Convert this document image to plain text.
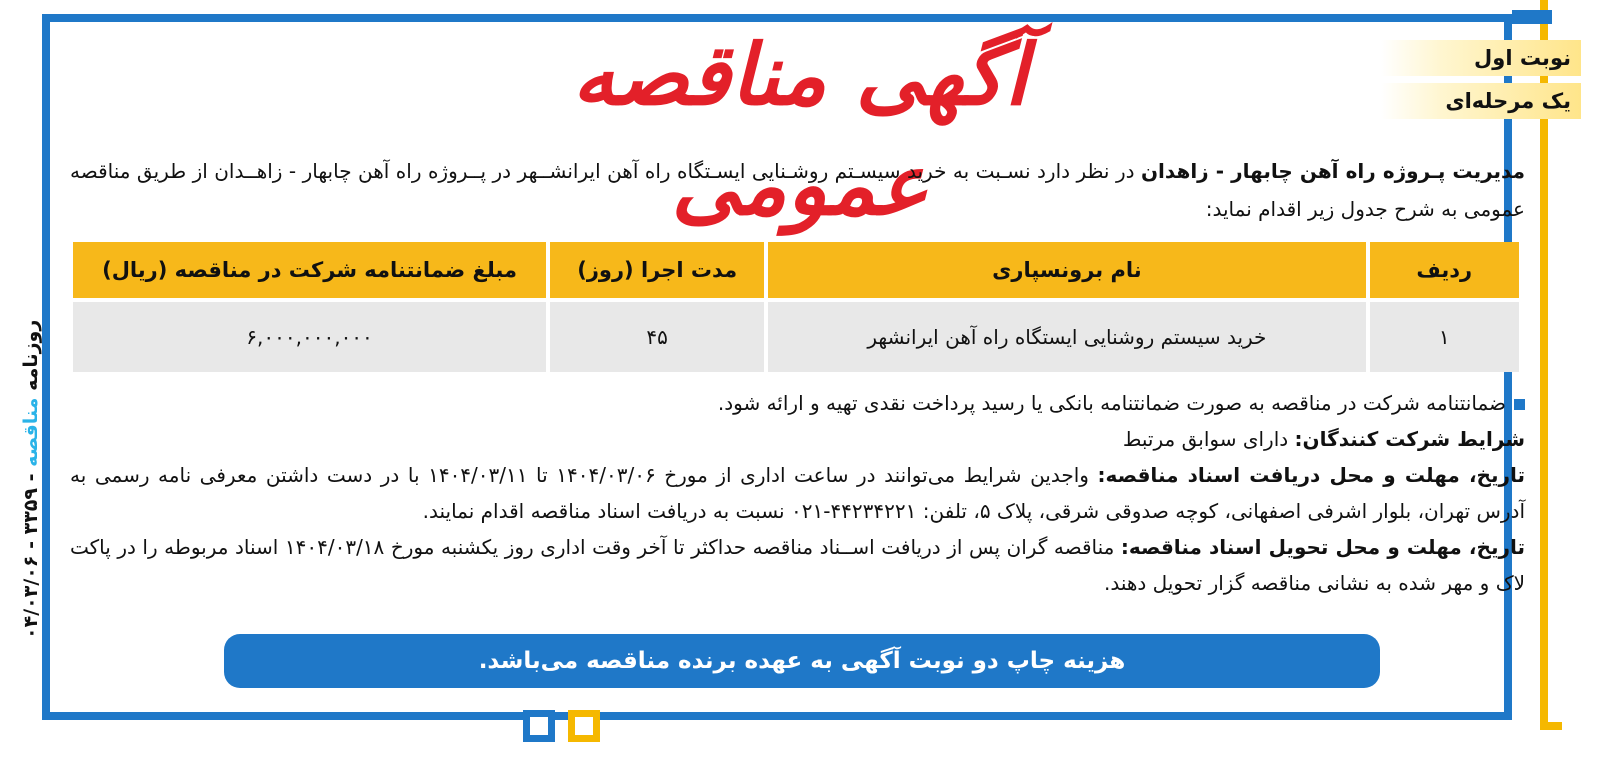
نوبت اول
یک مرحله‌ای
روزنامه مناقصه - ۳۳۵۹ - ۰۴/۰۳/۰۶
آگهی مناقصه عمومی	مدیریت پـروژه راه آهن چابهار - زاهدان در نظر دارد نسـبت به خرید سیسـتم روشـنایی ایسـتگاه راه آهن ایرانشــهر در پــروژه راه آهن چابهار - زاهــدان از طریق مناقصه عمومی به شرح جدول زیر اقدام نماید:
ردیف	نام برونسپاری	مدت اجرا (روز)	مبلغ ضمانتنامه شرکت در مناقصه (ریال)
۱	خرید سیستم روشنایی ایستگاه راه آهن ایرانشهر	۴۵	۶,۰۰۰,۰۰۰,۰۰۰

ضمانتنامه شرکت در مناقصه به صورت ضمانتنامه بانکی یا رسید پرداخت نقدی تهیه و ارائه شود.

شرایط شرکت کنندگان: دارای سوابق مرتبط

تاریخ، مهلت و محل دریافت اسناد مناقصه: واجدین شرایط می‌توانند در ساعت اداری از مورخ ۱۴۰۴/۰۳/۰۶ تا ۱۴۰۴/۰۳/۱۱ با در دست داشتن معرفی نامه رسمی به آدرس تهران، بلوار اشرفی اصفهانی، کوچه صدوقی شرقی، پلاک ۵، تلفن: ۴۴۲۳۴۲۲۱-۰۲۱ نسبت به دریافت اسناد مناقصه اقدام نمایند.

تاریخ، مهلت و محل تحویل اسناد مناقصه: مناقصه گران پس از دریافت اســناد مناقصه حداکثر تا آخر وقت اداری روز یکشنبه مورخ ۱۴۰۴/۰۳/۱۸ اسناد مربوطه را در پاکت لاک و مهر شده به نشانی مناقصه گزار تحویل دهند.

هزینه چاپ دو نوبت آگهی به عهده برنده مناقصه می‌باشد.
